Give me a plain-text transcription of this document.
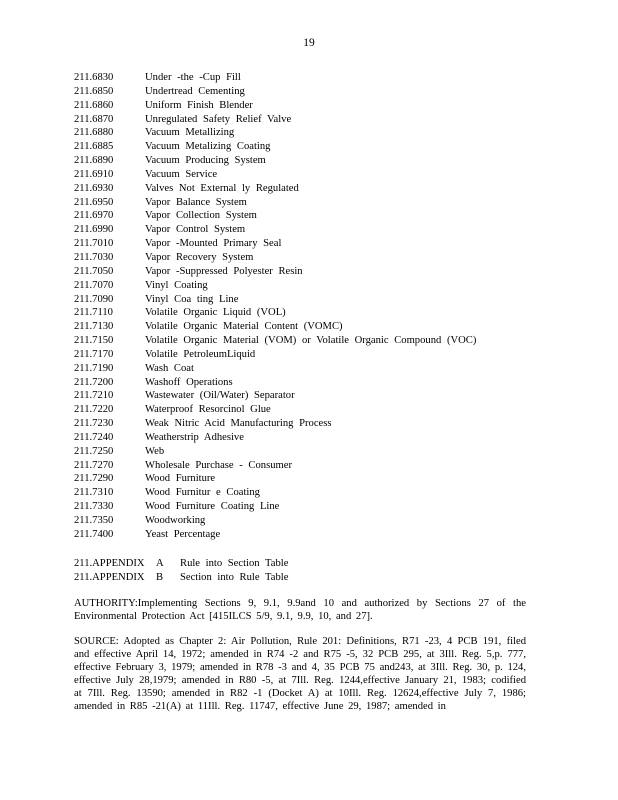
19
211.6830	Under -the -Cup Fill
211.6850	Undertread Cementing
211.6860	Uniform Finish Blender
211.6870	Unregulated Safety Relief Valve
211.6880	Vacuum Metallizing
211.6885	Vacuum Metalizing Coating
211.6890	Vacuum Producing System
211.6910	Vacuum Service
211.6930	Valves Not External ly Regulated
211.6950	Vapor Balance System
211.6970	Vapor Collection System
211.6990	Vapor Control System
211.7010	Vapor -Mounted Primary Seal
211.7030	Vapor Recovery System
211.7050	Vapor -Suppressed Polyester Resin
211.7070	Vinyl Coating
211.7090	Vinyl Coa ting Line
211.7110	Volatile Organic Liquid (VOL)
211.7130	Volatile Organic Material Content (VOMC)
211.7150	Volatile Organic Material (VOM) or Volatile Organic Compound (VOC)
211.7170	Volatile PetroleumLiquid
211.7190	Wash Coat
211.7200	Washoff Operations
211.7210	Wastewater (Oil/Water) Separator
211.7220	Waterproof Resorcinol Glue
211.7230	Weak Nitric Acid Manufacturing Process
211.7240	Weatherstrip Adhesive
211.7250	Web
211.7270	Wholesale Purchase - Consumer
211.7290	Wood Furniture
211.7310	Wood Furnitur e Coating
211.7330	Wood Furniture Coating Line
211.7350	Woodworking
211.7400	Yeast Percentage
211.APPENDIX A Rule into Section Table
211.APPENDIX B Section into Rule Table

AUTHORITY:Implementing Sections 9, 9.1, 9.9and 10 and authorized by Sections 27 of the Environmental Protection Act [415ILCS 5/9, 9.1, 9.9, 10, and 27].

SOURCE: Adopted as Chapter 2: Air Pollution, Rule 201: Definitions, R71 -23, 4 PCB 191, filed and effective April 14, 1972; amended in R74 -2 and R75 -5, 32 PCB 295, at 3Ill. Reg. 5,p. 777, effective February 3, 1979; amended in R78 -3 and 4, 35 PCB 75 and243, at 3Ill. Reg. 30, p. 124, effective July 28,1979; amended in R80 -5, at 7Ill. Reg. 1244,effective January 21, 1983; codified at 7Ill. Reg. 13590; amended in R82 -1 (Docket A) at 10Ill. Reg. 12624,effective July 7, 1986; amended in R85 -21(A) at 11Ill. Reg. 11747, effective June 29, 1987; amended in
